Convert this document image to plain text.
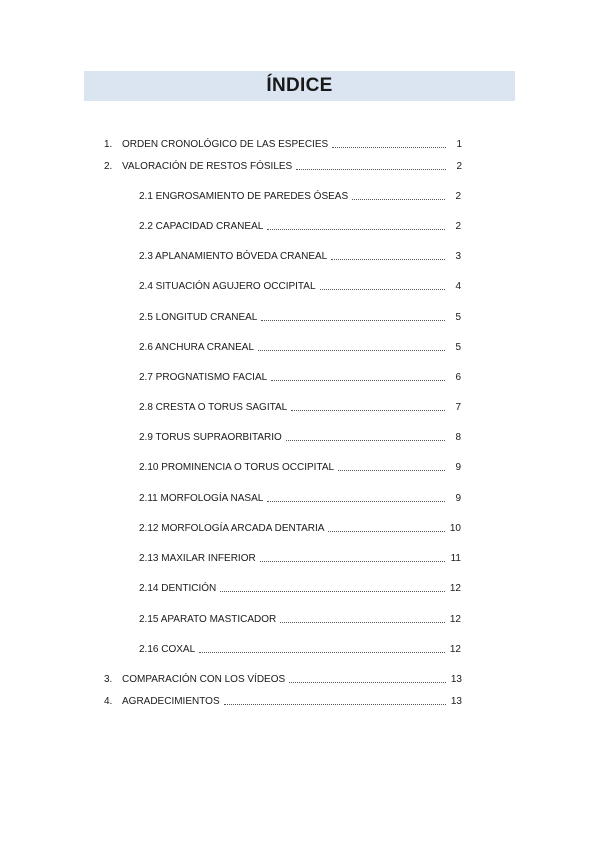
ÍNDICE
1. ORDEN CRONOLÓGICO DE LAS ESPECIES	1
2. VALORACIÓN DE RESTOS FÓSILES	2
2.1 ENGROSAMIENTO DE PAREDES ÓSEAS	2
2.2 CAPACIDAD CRANEAL	2
2.3 APLANAMIENTO BÓVEDA CRANEAL	3
2.4 SITUACIÓN AGUJERO OCCIPITAL	4
2.5 LONGITUD CRANEAL	5
2.6 ANCHURA CRANEAL	5
2.7 PROGNATISMO FACIAL	6
2.8 CRESTA O TORUS SAGITAL	7
2.9 TORUS SUPRAORBITARIO	8
2.10 PROMINENCIA O TORUS OCCIPITAL	9
2.11 MORFOLOGÍA NASAL	9
2.12 MORFOLOGÍA ARCADA DENTARIA	10
2.13 MAXILAR INFERIOR	11
2.14 DENTICIÓN	12
2.15 APARATO MASTICADOR	12
2.16 COXAL	12
3. COMPARACIÓN CON LOS VÍDEOS	13
4. AGRADECIMIENTOS	13
